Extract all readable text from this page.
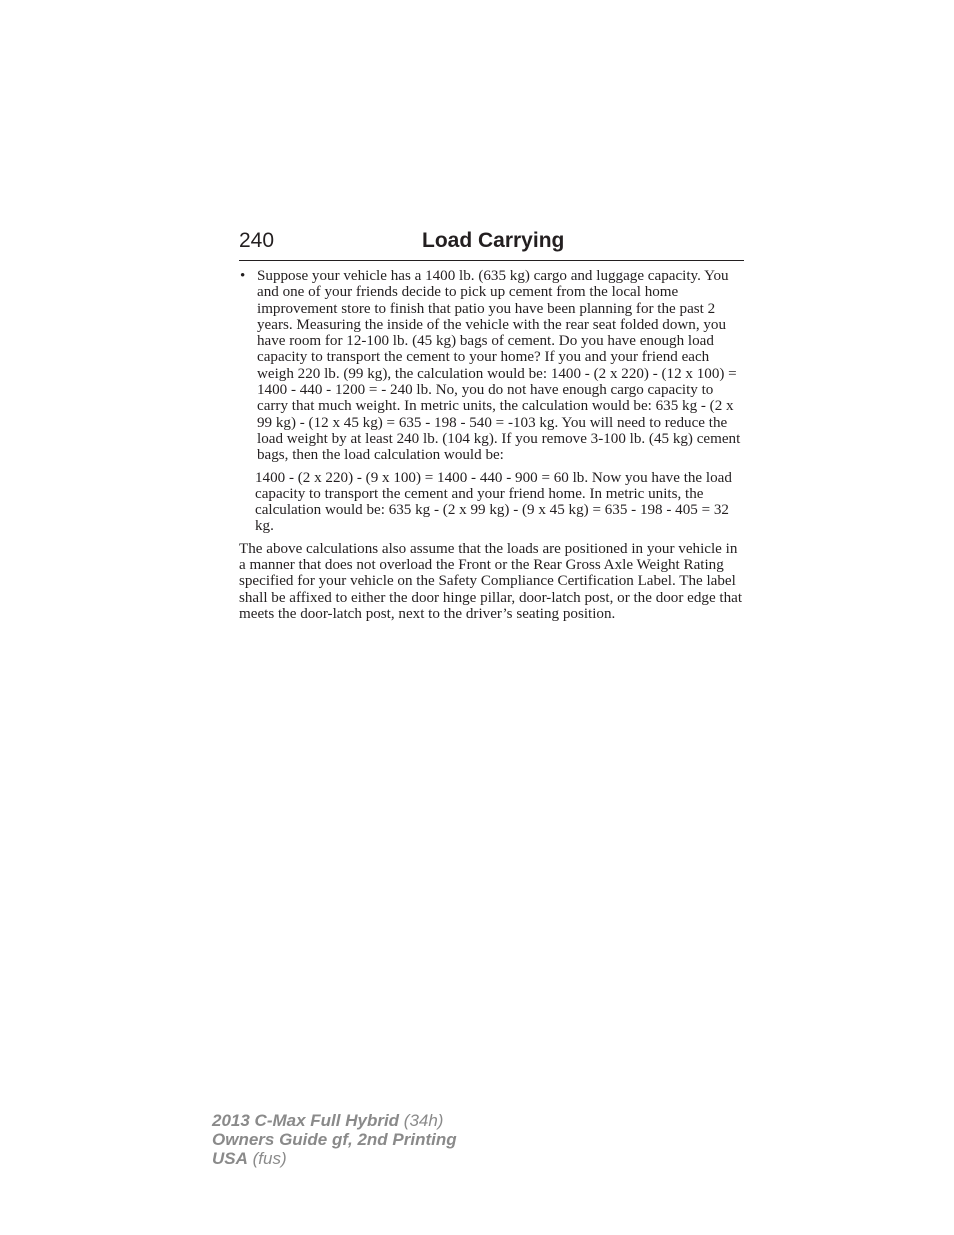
240	Load Carrying
• Suppose your vehicle has a 1400 lb. (635 kg) cargo and luggage capacity. You and one of your friends decide to pick up cement from the local home improvement store to finish that patio you have been planning for the past 2 years. Measuring the inside of the vehicle with the rear seat folded down, you have room for 12-100 lb. (45 kg) bags of cement. Do you have enough load capacity to transport the cement to your home? If you and your friend each weigh 220 lb. (99 kg), the calculation would be: 1400 - (2 x 220) - (12 x 100) = 1400 - 440 - 1200 = - 240 lb. No, you do not have enough cargo capacity to carry that much weight. In metric units, the calculation would be: 635 kg - (2 x 99 kg) - (12 x 45 kg) = 635 - 198 - 540 = -103 kg. You will need to reduce the load weight by at least 240 lb. (104 kg). If you remove 3-100 lb. (45 kg) cement bags, then the load calculation would be:

1400 - (2 x 220) - (9 x 100) = 1400 - 440 - 900 = 60 lb. Now you have the load capacity to transport the cement and your friend home. In metric units, the calculation would be: 635 kg - (2 x 99 kg) - (9 x 45 kg) = 635 - 198 - 405 = 32 kg.

The above calculations also assume that the loads are positioned in your vehicle in a manner that does not overload the Front or the Rear Gross Axle Weight Rating specified for your vehicle on the Safety Compliance Certification Label. The label shall be affixed to either the door hinge pillar, door-latch post, or the door edge that meets the door-latch post, next to the driver’s seating position.

2013 C-Max Full Hybrid (34h)
Owners Guide gf, 2nd Printing
USA (fus)
